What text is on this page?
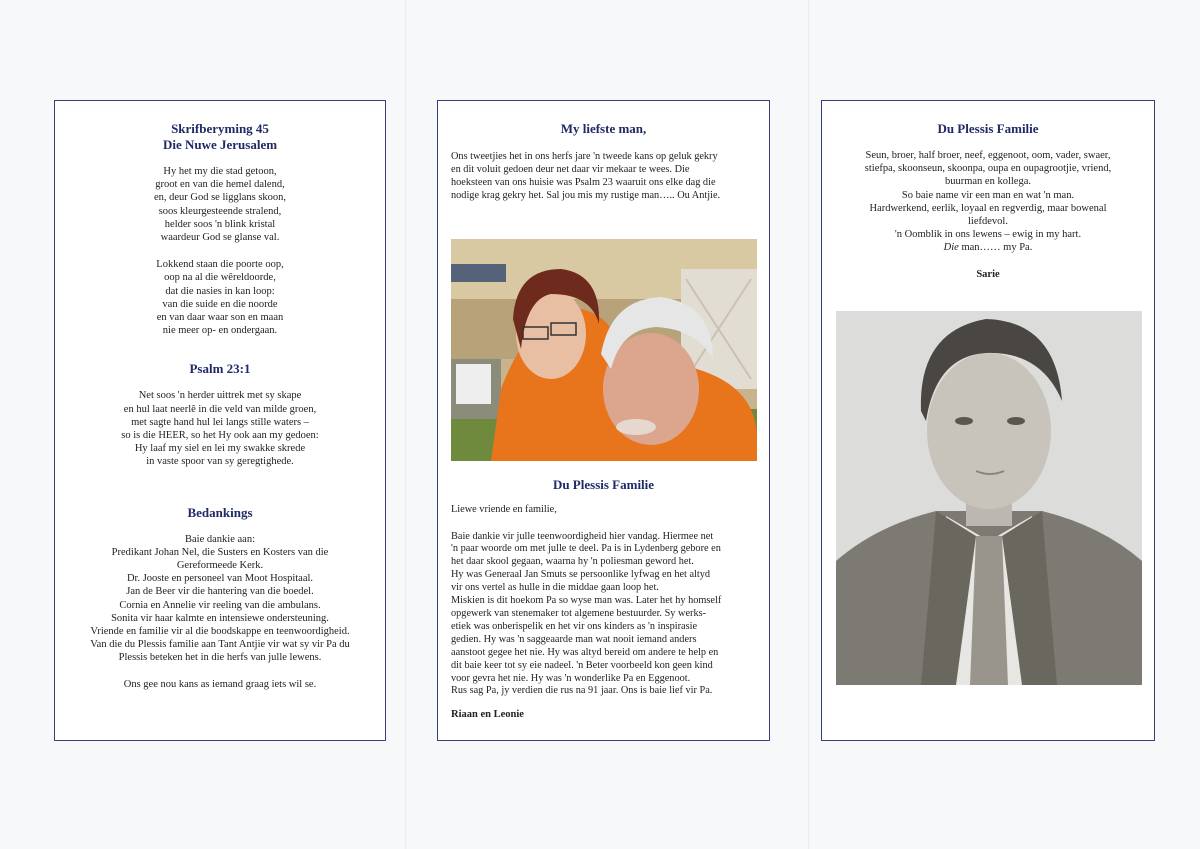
Skrifberyming 45

Die Nuwe Jerusalem

Hy het my die stad getoon,
groot en van die hemel dalend,
en, deur God se ligglans skoon,
soos kleurgesteende stralend,
helder soos 'n blink kristal
waardeur God se glanse val.
Lokkend staan die poorte oop,
oop na al die wêreldoorde,
dat die nasies in kan loop:
van die suide en die noorde
en van daar waar son en maan
nie meer op- en ondergaan.

Psalm 23:1

Net soos 'n herder uittrek met sy skape
en hul laat neerlê in die veld van milde groen,
met sagte hand hul lei langs stille waters –
so is die HEER, so het Hy ook aan my gedoen:
Hy laaf my siel en lei my swakke skrede
in vaste spoor van sy geregtighede.

Bedankings

Baie dankie aan:
Predikant Johan Nel, die Susters en Kosters van die
Gereformeede Kerk.
Dr. Jooste en personeel van Moot Hospitaal.
Jan de Beer vir die hantering van die boedel.
Cornia en Annelie vir reeling van die ambulans.
Sonita vir haar kalmte en intensiewe ondersteuning.
Vriende en familie vir al die boodskappe en teenwoordigheid.
Van die du Plessis familie aan Tant Antjie vir wat sy vir Pa du
Plessis beteken het in die herfs van julle lewens.

Ons gee nou kans as iemand graag iets wil se.

My liefste man,

Ons tweetjies het in ons herfs jare 'n tweede kans op geluk gekry
en dit voluit gedoen deur net daar vir mekaar te wees. Die
hoeksteen van ons huisie was Psalm 23 waaruit ons elke dag die
nodige krag gekry het. Sal jou mis my rustige man….. Ou Antjie.

Du Plessis Familie

Liewe vriende en familie,

Baie dankie vir julle teenwoordigheid hier vandag. Hiermee net
'n paar woorde om met julle te deel. Pa is in Lydenberg gebore en
het daar skool gegaan, waarna hy 'n poliesman geword het.
Hy was Generaal Jan Smuts se persoonlike lyfwag en het altyd
vir ons vertel as hulle in die middae gaan loop het.
Miskien is dit hoekom Pa so wyse man was. Later het hy homself
opgewerk van stenemaker tot algemene bestuurder. Sy werks-
etiek was onberispelik en het vir ons kinders as 'n inspirasie
gedien. Hy was 'n saggeaarde man wat nooit iemand anders
aanstoot gegee het nie. Hy was altyd bereid om andere te help en
dit baie keer tot sy eie nadeel. 'n Beter voorbeeld kon geen kind
voor gevra het nie. Hy was 'n wonderlike Pa en Eggenoot.
Rus sag Pa, jy verdien die rus na 91 jaar. Ons is baie lief vir Pa.

Riaan en Leonie

Du Plessis Familie

Seun, broer, half broer, neef, eggenoot, oom, vader, swaer,
stiefpa, skoonseun, skoonpa, oupa en oupagrootjie, vriend,
buurman en kollega.
So baie name vir een man en wat 'n man.
Hardwerkend, eerlik, loyaal en regverdig, maar bowenal
liefdevol.
'n Oomblik in ons lewens – ewig in my hart.
Die man…… my Pa.

Sarie
